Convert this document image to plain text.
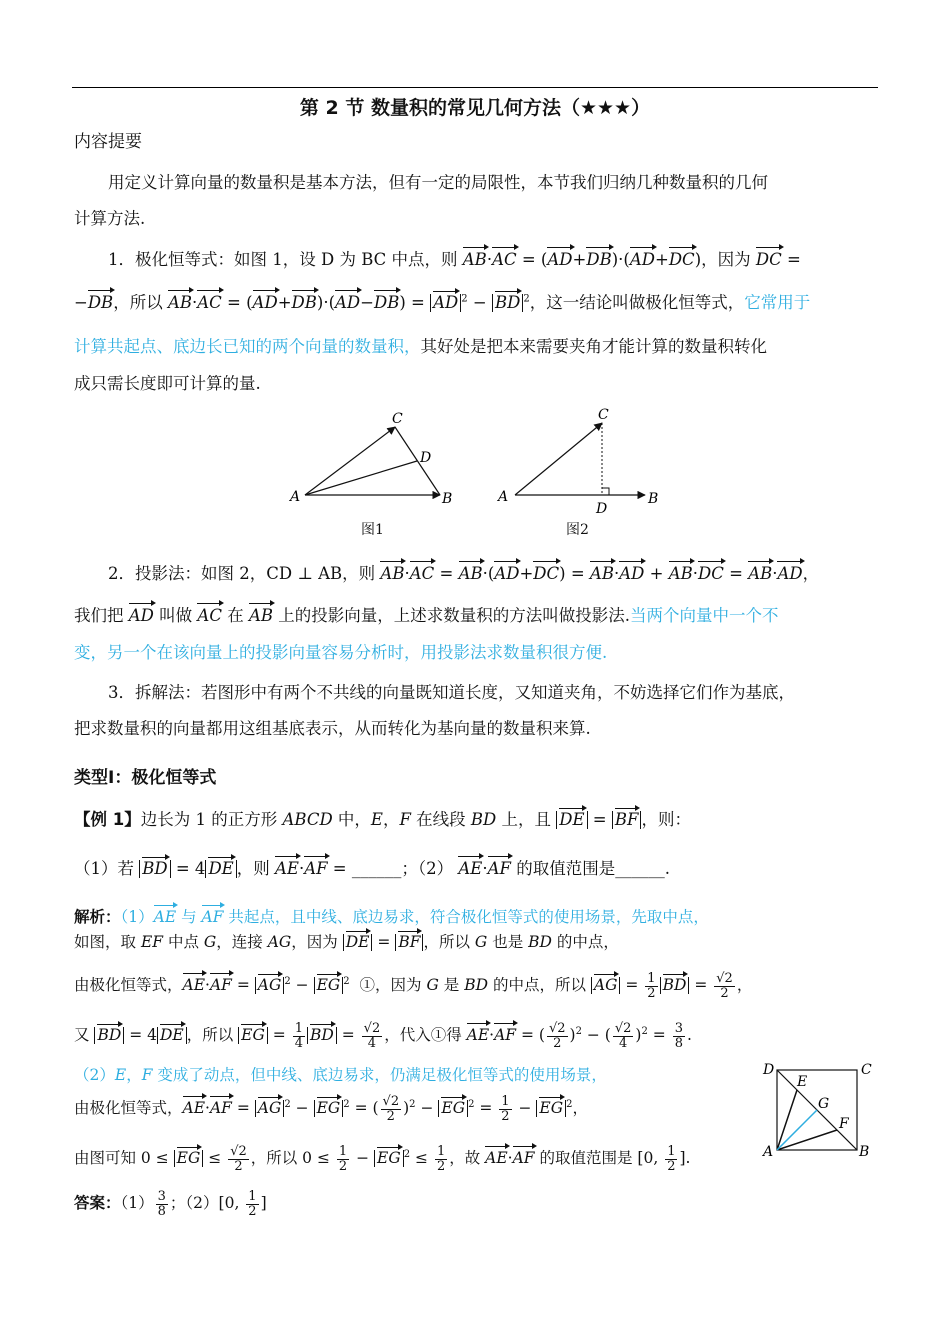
第 2 节 数量积的常见几何方法（★★★）
内容提要
用定义计算向量的数量积是基本方法，但有一定的局限性，本节我们归纳几种数量积的几何
计算方法.
1．极化恒等式：如图 1，设 D 为 BC 中点，则 AB·AC = (AD+DB)·(AD+DC)，因为 DC =
−DB，所以 AB·AC = (AD+DB)·(AD−DB) = AD $^2$ − BD $^2$，这一结论叫做极化恒等式，它常用于
计算共起点、底边长已知的两个向量的数量积，其好处是把本来需要夹角才能计算的数量积转化
成只需长度即可计算的量.
A	B
C
D
图1
A	B
C
D
图2
2．投影法：如图 2，CD ⊥ AB，则 AB·AC = AB·(AD+DC) = AB·AD + AB·DC = AB·AD，
我们把 AD 叫做 AC 在 AB 上的投影向量，上述求数量积的方法叫做投影法.当两个向量中一个不
变，另一个在该向量上的投影向量容易分析时，用投影法求数量积很方便.
3．拆解法：若图形中有两个不共线的向量既知道长度，又知道夹角，不妨选择它们作为基底，
把求数量积的向量都用这组基底表示，从而转化为基向量的数量积来算.
类型Ⅰ：极化恒等式
【例 1】边长为 1 的正方形 ABCD 中，E，F 在线段 BD 上，且 DE = BF ，则：
（1）若 BD = 4 DE ，则 AE·AF = ______；（2） AE·AF 的取值范围是______.
解析：（1）AE 与 AF 共起点，且中线、底边易求，符合极化恒等式的使用场景，先取中点，
如图，取 EF 中点 G，连接 AG，因为 DE = BF ，所以 G 也是 BD 的中点，
由极化恒等式，AE·AF = AG $^2$ − EG $^2$  ①，因为 G 是 BD 的中点，所以 AG = $\frac{1}{2}$ BD = $\frac{√2}{2}$ ，
又 BD = 4 DE ，所以 EG = $\frac{1}{4}$ BD = $\frac{√2}{4}$ ，代入①得 AE·AF = ( $\frac{√2}{2} )^2$ − ( $\frac{√2}{4} )^2 = \frac{3}{8}$ .
（2）E，F 变成了动点，但中线、底边易求，仍满足极化恒等式的使用场景，
由极化恒等式，AE·AF = AG $^2$ − EG $^2$ = ( $\frac{√2}{2} )^2$ − EG $^2 = \frac{1}{2}$ − EG $^2$，
由图可知 0 ≤ EG ≤ $\frac{√2}{2}$ ，所以 $0 \le \frac{1}{2}$ − EG $^2 \le \frac{1}{2}$ ，故 AE·AF 的取值范围是 [0, $\frac{1}{2}$ ].
答案：$(1) \frac{3}{8}$ ；（2）[0, $\frac{1}{2}$ ]
D	C
A	B
E
F
G
